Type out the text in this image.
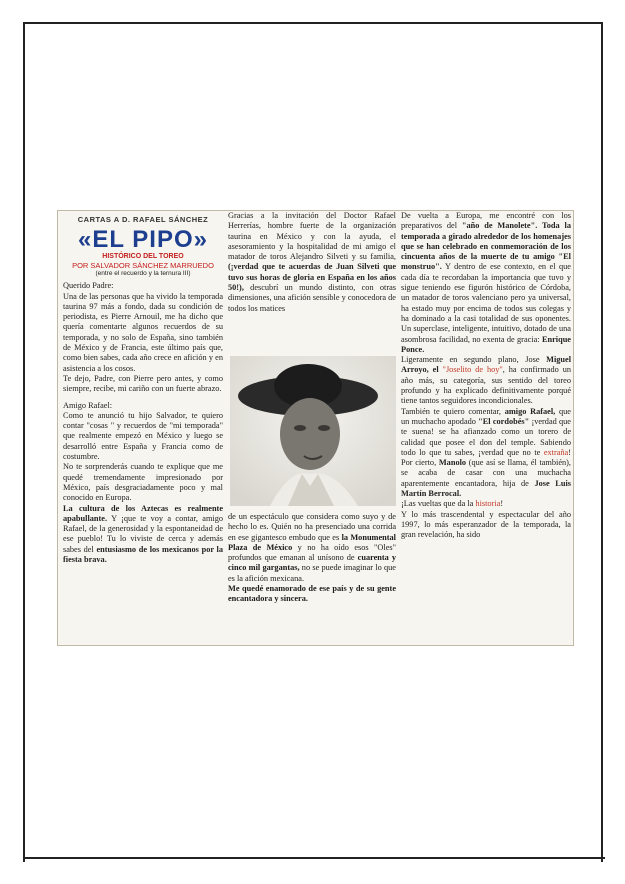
CARTAS A D. RAFAEL SÁNCHEZ
«EL PIPO»
HISTÓRICO DEL TOREO
POR SALVADOR SÁNCHEZ MARRUEDO
(entre el recuerdo y la ternura III)

Querido Padre:

Una de las personas que ha vivido la temporada taurina 97 más a fondo, dada su condición de periodista, es Pierre Arnouil, me ha dicho que quería comentarte algunos recuerdos de su temporada, y no solo de España, sino también de México y de Francia, este último país que, como bien sabes, cada año crece en afición y en asistencia a los cosos.

Te dejo, Padre, con Pierre pero antes, y como siempre, recibe, mi cariño con un fuerte abrazo.

Amigo Rafael:

Como te anunció tu hijo Salvador, te quiero contar "cosas " y recuerdos de "mi temporada" que realmente empezó en México y luego se desarrolló entre España y Francia como de costumbre.

No te sorprenderás cuando te explique que me quedé tremendamente impresionado por México, país desgraciadamente poco y mal conocido en Europa.

La cultura de los Aztecas es realmente apabullante. Y ¡que te voy a contar, amigo Rafael, de la generosidad y la espontaneidad de ese pueblo! Tu lo viviste de cerca y además sabes del entusiasmo de los mexicanos por la fiesta brava.

Gracias a la invitación del Doctor Rafael Herrerías, hombre fuerte de la organización taurina en México y con la ayuda, el asesoramiento y la hospitalidad de mi amigo el matador de toros Alejandro Silveti y su familia, (¡verdad que te acuerdas de Juan Silveti que tuvo sus horas de gloria en España en los años 50!), descubrí un mundo distinto, con otras dimensiones, una afición sensible y conocedora de todos los matices

de un espectáculo que considera como suyo y de hecho lo es. Quién no ha presenciado una corrida en ese gigantesco embudo que es la Monumental Plaza de México y no ha oído esos "Oles" profundos que emanan al unísono de cuarenta y cinco mil gargantas, no se puede imaginar lo que es la afición mexicana.

Me quedé enamorado de ese país y de su gente encantadora y sincera.

De vuelta a Europa, me encontré con los preparativos del "año de Manolete". Toda la temporada a girado alrededor de los homenajes que se han celebrado en conmemoración de los cincuenta años de la muerte de tu amigo "El monstruo". Y dentro de ese contexto, en el que cada día te recordaban la importancia que tuvo y sigue teniendo ese figurón histórico de Córdoba, un matador de toros valenciano pero ya universal, ha estado muy por encima de todos sus colegas y ha dominado a la casi totalidad de sus oponentes. Un superclase, inteligente, intuitivo, dotado de una asombrosa facilidad, no exenta de gracia: Enrique Ponce.

Ligeramente en segundo plano, Jose Miguel Arroyo, el "Joselito de hoy", ha confirmado un año más, su categoría, sus sentido del toreo profundo y ha explicado definitivamente porqué tiene tantos seguidores incondicionales.

También te quiero comentar, amigo Rafael, que un muchacho apodado "El cordobés" ¡verdad que te suena! se ha afianzado como un torero de calidad que posee el don del temple. Sabiendo todo lo que tu sabes, ¡verdad que no te extraña! Por cierto, Manolo (que así se llama, él también), se acaba de casar con una muchacha aparentemente encantadora, hija de Jose Luis Martín Berrocal.

¡Las vueltas que da la historia!

Y lo más trascendental y espectacular del año 1997, lo más esperanzador de la temporada, la gran revelación, ha sido
